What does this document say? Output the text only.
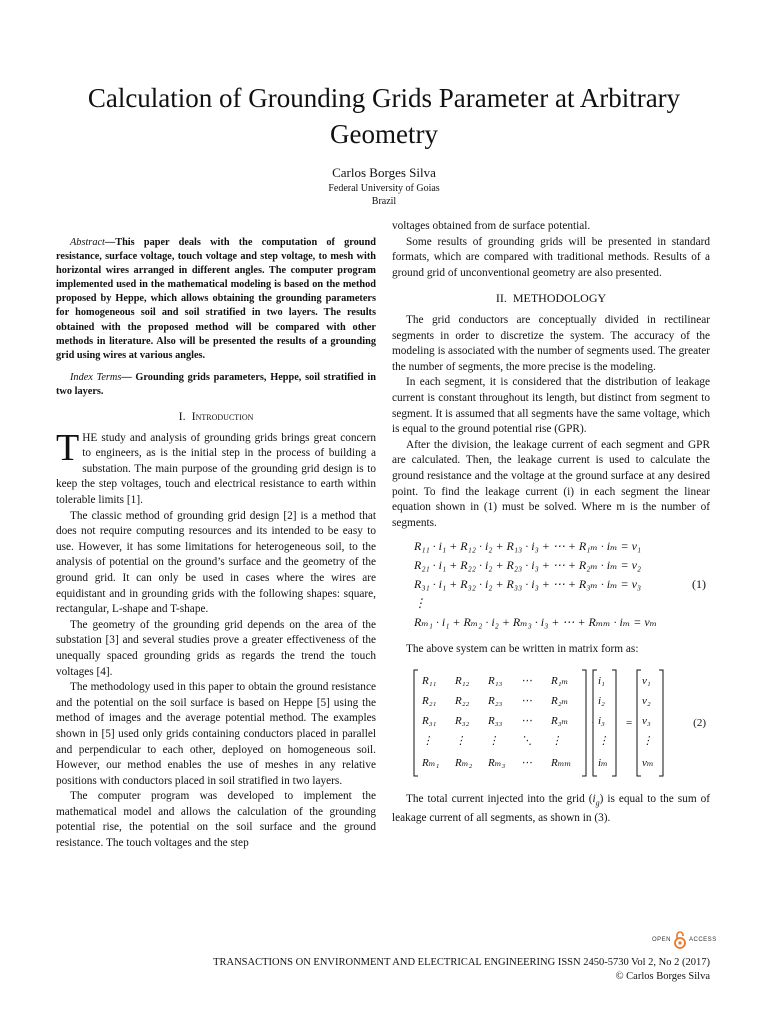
Calculation of Grounding Grids Parameter at Arbitrary Geometry
Carlos Borges Silva
Federal University of Goias
Brazil

Abstract—This paper deals with the computation of ground resistance, surface voltage, touch voltage and step voltage, to mesh with horizontal wires arranged in different angles. The computer program implemented used in the mathematical modeling is based on the method proposed by Heppe, which allows obtaining the grounding parameters for homogeneous soil and soil stratified in two layers. The results obtained with the proposed method will be compared with other methods in literature. Also will be presented the results of a grounding grid using wires at various angles.

Index Terms— Grounding grids parameters, Heppe, soil stratified in two layers.

I. Introduction

THE study and analysis of grounding grids brings great concern to engineers, as is the initial step in the process of building a substation. The main purpose of the grounding grid design is to keep the step voltages, touch and electrical resistance to earth within tolerable limits [1].

The classic method of grounding grid design [2] is a method that does not require computing resources and its intended to be easy to use. However, it has some limitations for heterogeneous soil, to the analysis of potential on the ground’s surface and the geometry of the ground grid. It can only be used in cases where the wires are equidistant and in grounding grids with the following shapes: square, rectangular, L-shape and T-shape.

The geometry of the grounding grid depends on the area of the substation [3] and several studies prove a greater effectiveness of the unequally spaced grounding grids as regards the trend the touch voltages [4].

The methodology used in this paper to obtain the ground resistance and the potential on the soil surface is based on Heppe [5] using the method of images and the average potential method. The examples shown in [5] used only grids containing conductors placed in parallel and perpendicular to each other, deployed on homogeneous soil. However, our method enables the use of meshes in any relative positions with conductors placed in soil stratified in two layers.

The computer program was developed to implement the mathematical model and allows the calculation of the grounding potential rise, the potential on the soil surface and the ground resistance. The touch voltages and the step

voltages obtained from de surface potential.

Some results of grounding grids will be presented in standard formats, which are compared with traditional methods. Results of a ground grid of unconventional geometry are also presented.

II. METHODOLOGY

The grid conductors are conceptually divided in rectilinear segments in order to discretize the system. The accuracy of the modeling is associated with the number of segments used. The greater the number of segments, the more precise is the modeling.

In each segment, it is considered that the distribution of leakage current is constant throughout its length, but distinct from segment to segment. It is assumed that all segments have the same voltage, which is equal to the ground potential rise (GPR).

After the division, the leakage current of each segment and GPR are calculated. Then, the leakage current is used to calculate the ground resistance and the voltage at the ground surface at any desired point. To find the leakage current (i) in each segment the linear equation shown in (1) must be solved. Where m is the number of segments.

R₁₁ · i₁ + R₁₂ · i₂ + R₁₃ · i₃ + ⋯ + R₁ₘ · iₘ = v₁
R₂₁ · i₁ + R₂₂ · i₂ + R₂₃ · i₃ + ⋯ + R₂ₘ · iₘ = v₂
R₃₁ · i₁ + R₃₂ · i₂ + R₃₃ · i₃ + ⋯ + R₃ₘ · iₘ = v₃
⋮
Rₘ₁ · i₁ + Rₘ₂ · i₂ + Rₘ₃ · i₃ + ⋯ + Rₘₘ · iₘ = vₘ
(1)

The above system can be written in matrix form as:

R₁₁ R₁₂ R₁₃ ⋯ R₁ₘ
R₂₁ R₂₂ R₂₃ ⋯ R₂ₘ
R₃₁ R₃₂ R₃₃ ⋯ R₃ₘ
⋮ ⋮ ⋮ ⋱ ⋮
Rₘ₁ Rₘ₂ Rₘ₃ ⋯ Rₘₘ
i₁
i₂
i₃
⋮
iₘ
·	=
v₁
v₂
v₃
⋮
vₘ
(2)

The total current injected into the grid $(i_g)$ is equal to the sum of leakage current of all segments, as shown in (3).

OPEN	ACCESS
TRANSACTIONS ON ENVIRONMENT AND ELECTRICAL ENGINEERING ISSN 2450-5730 Vol 2, No 2 (2017)
© Carlos Borges Silva
